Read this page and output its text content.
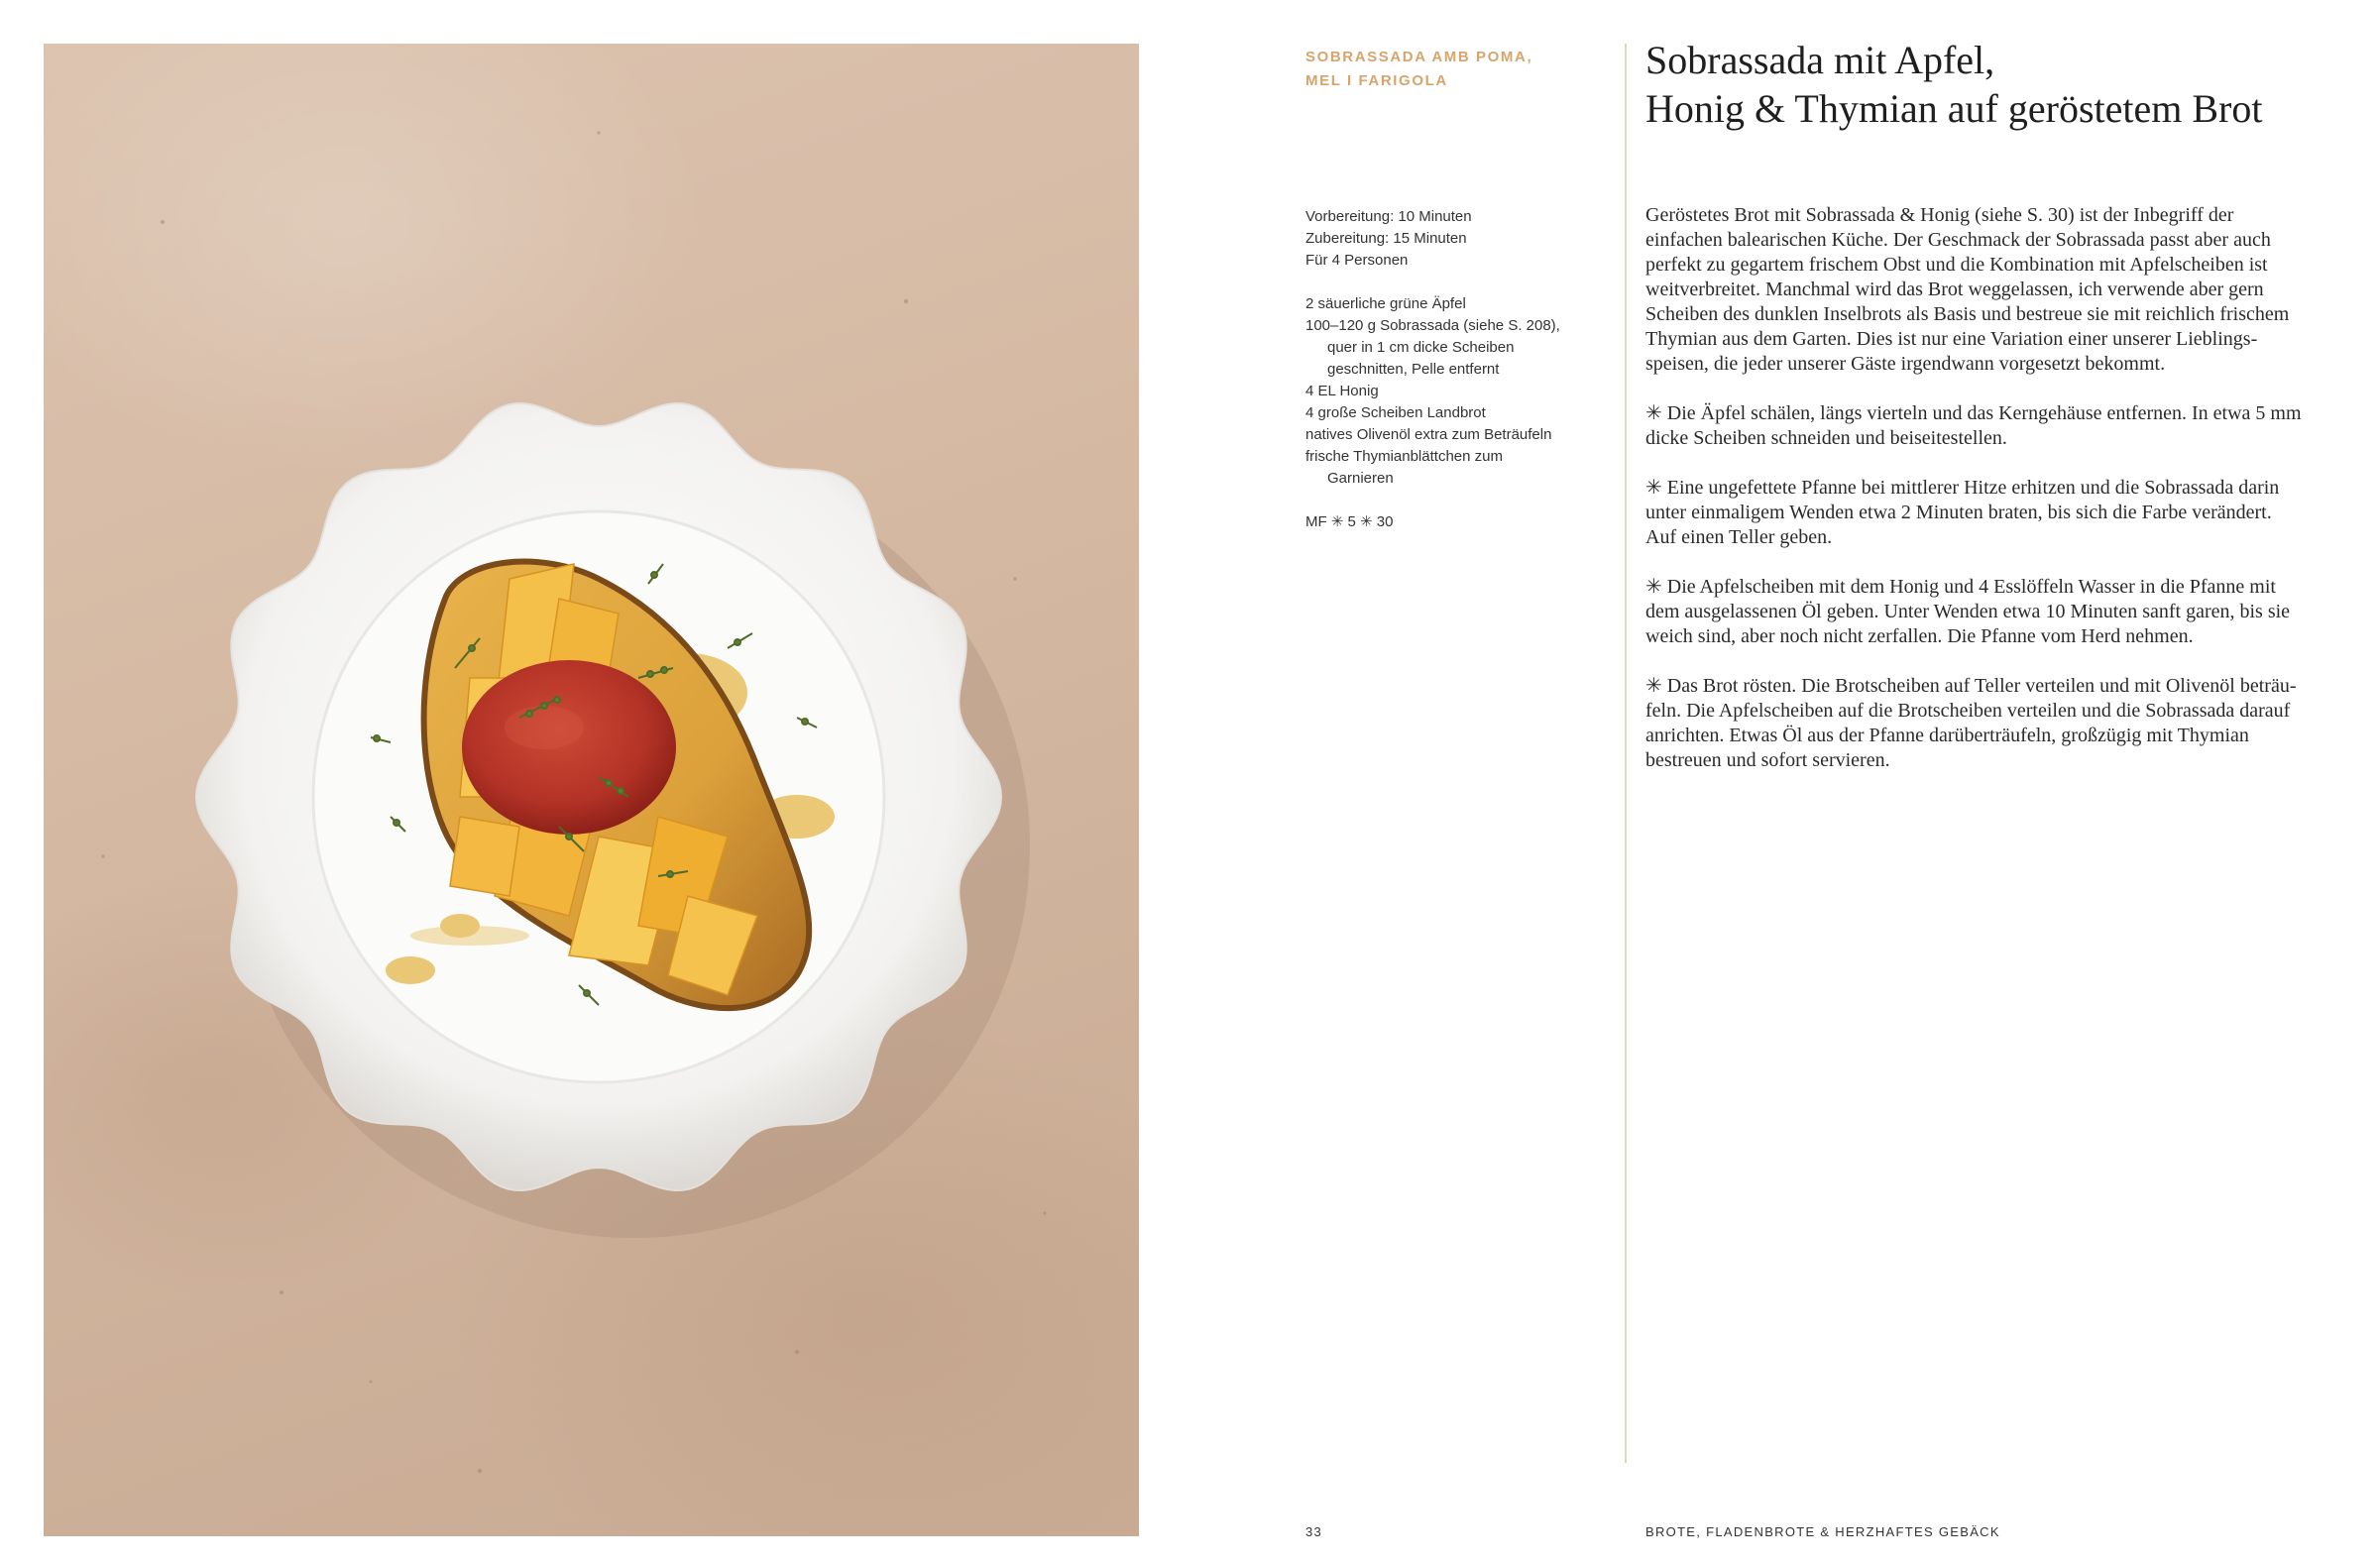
SOBRASSADA AMB POMA,
MEL I FARIGOLA	Sobrassada mit Apfel,
Honig & Thymian auf geröstetem Brot
Vorbereitung: 10 Minuten
Zubereitung: 15 Minuten
Für 4 Personen
2 säuerliche grüne Äpfel
100–120 g Sobrassada (siehe S. 208),
quer in 1 cm dicke Scheiben
geschnitten, Pelle entfernt
4 EL Honig
4 große Scheiben Landbrot
natives Olivenöl extra zum Beträufeln
frische Thymianblättchen zum
Garnieren
MF ✳ 5 ✳ 30
Geröstetes Brot mit Sobrassada & Honig (siehe S. 30) ist der Inbegriff der
einfachen balearischen Küche. Der Geschmack der Sobrassada passt aber auch
perfekt zu gegartem frischem Obst und die Kombination mit Apfelscheiben ist
weitverbreitet. Manchmal wird das Brot weggelassen, ich verwende aber gern
Scheiben des dunklen Inselbrots als Basis und bestreue sie mit reichlich frischem
Thymian aus dem Garten. Dies ist nur eine Variation einer unserer Lieblings-
speisen, die jeder unserer Gäste irgendwann vorgesetzt bekommt.
✳ Die Äpfel schälen, längs vierteln und das Kerngehäuse entfernen. In etwa 5 mm
dicke Scheiben schneiden und beiseitestellen.
✳ Eine ungefettete Pfanne bei mittlerer Hitze erhitzen und die Sobrassada darin
unter einmaligem Wenden etwa 2 Minuten braten, bis sich die Farbe verändert.
Auf einen Teller geben.
✳ Die Apfelscheiben mit dem Honig und 4 Esslöffeln Wasser in die Pfanne mit
dem ausgelassenen Öl geben. Unter Wenden etwa 10 Minuten sanft garen, bis sie
weich sind, aber noch nicht zerfallen. Die Pfanne vom Herd nehmen.
✳ Das Brot rösten. Die Brotscheiben auf Teller verteilen und mit Olivenöl beträu-
feln. Die Apfelscheiben auf die Brotscheiben verteilen und die Sobrassada darauf
anrichten. Etwas Öl aus der Pfanne darüberträufeln, großzügig mit Thymian
bestreuen und sofort servieren.
33	BROTE, FLADENBROTE & HERZHAFTES GEBÄCK
